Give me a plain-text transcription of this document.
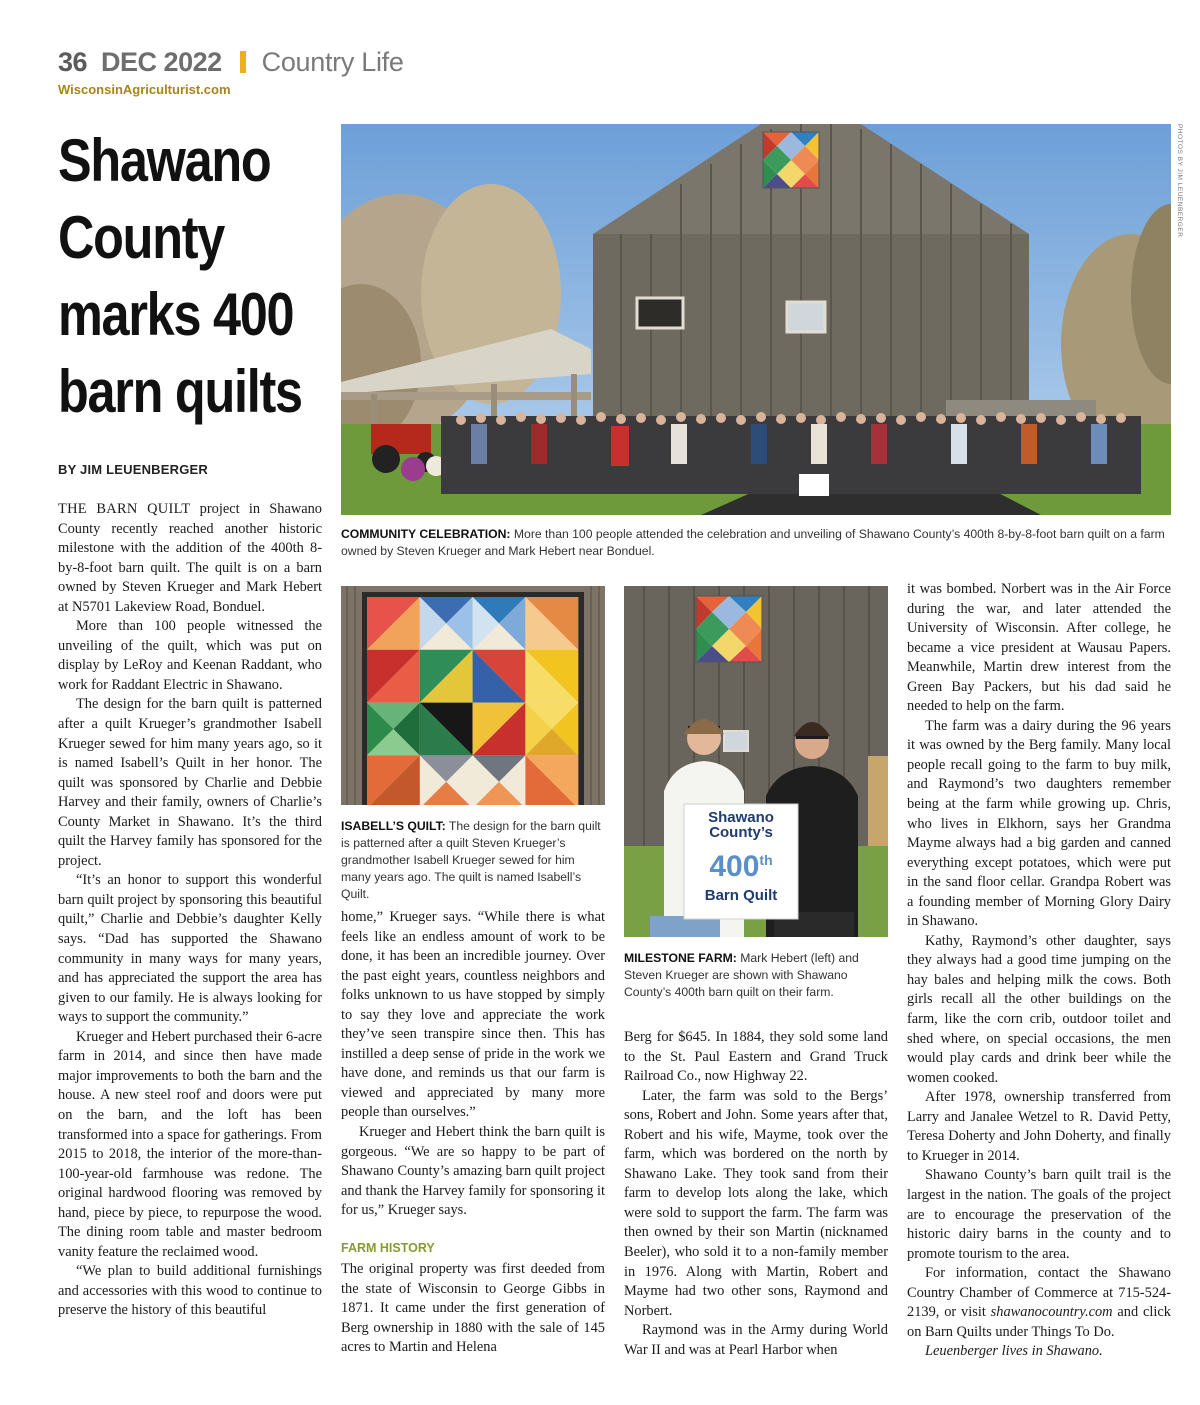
36 DEC 2022 Country Life
WisconsinAgriculturist.com
Shawano
County
marks 400
barn quilts
BY JIM LEUENBERGER

THE BARN QUILT project in Shawano County recently reached another historic milestone with the addition of the 400th 8-by-8-foot barn quilt. The quilt is on a barn owned by Steven Krueger and Mark Hebert at N5701 Lakeview Road, Bonduel.

More than 100 people witnessed the unveiling of the quilt, which was put on display by LeRoy and Keenan Raddant, who work for Raddant Electric in Shawano.

The design for the barn quilt is patterned after a quilt Krueger’s grandmother Isabell Krueger sewed for him many years ago, so it is named Isabell’s Quilt in her honor. The quilt was sponsored by Charlie and Debbie Harvey and their family, owners of Charlie’s County Market in Shawano. It’s the third quilt the Harvey family has sponsored for the project.

“It’s an honor to support this wonderful barn quilt project by sponsoring this beautiful quilt,” Charlie and Debbie’s daughter Kelly says. “Dad has supported the Shawano community in many ways for many years, and has appreciated the support the area has given to our family. He is always looking for ways to support the community.”

Krueger and Hebert purchased their 6-acre farm in 2014, and since then have made major improvements to both the barn and the house. A new steel roof and doors were put on the barn, and the loft has been transformed into a space for gatherings. From 2015 to 2018, the interior of the more-than-100-year-old farmhouse was redone. The original hardwood flooring was removed by hand, piece by piece, to repurpose the wood. The dining room table and master bedroom vanity feature the reclaimed wood.

“We plan to build additional furnishings and accessories with this wood to continue to preserve the history of this beautiful

PHOTOS BY JIM LEUENBERGER
COMMUNITY CELEBRATION: More than 100 people attended the celebration and unveiling of Shawano County’s 400th 8-by-8-foot barn quilt on a farm owned by Steven Krueger and Mark Hebert near Bonduel.
ISABELL’S QUILT: The design for the barn quilt is patterned after a quilt Steven Krueger’s grandmother Isabell Krueger sewed for him many years ago. The quilt is named Isabell’s Quilt.
Shawano
County’s
400th
Barn Quilt
MILESTONE FARM: Mark Hebert (left) and Steven Krueger are shown with Shawano County’s 400th barn quilt on their farm.

home,” Krueger says. “While there is what feels like an endless amount of work to be done, it has been an incredible journey. Over the past eight years, countless neighbors and folks unknown to us have stopped by simply to say they love and appreciate the work they’ve seen transpire since then. This has instilled a deep sense of pride in the work we have done, and reminds us that our farm is viewed and appreciated by many more people than ourselves.”

Krueger and Hebert think the barn quilt is gorgeous. “We are so happy to be part of Shawano County’s amazing barn quilt project and thank the Harvey family for sponsoring it for us,” Krueger says.

FARM HISTORY

The original property was first deeded from the state of Wisconsin to George Gibbs in 1871. It came under the first generation of Berg ownership in 1880 with the sale of 145 acres to Martin and Helena

Berg for $645. In 1884, they sold some land to the St. Paul Eastern and Grand Truck Railroad Co., now Highway 22.

Later, the farm was sold to the Bergs’ sons, Robert and John. Some years after that, Robert and his wife, Mayme, took over the farm, which was bordered on the north by Shawano Lake. They took sand from their farm to develop lots along the lake, which were sold to support the farm. The farm was then owned by their son Martin (nicknamed Beeler), who sold it to a non-family member in 1976. Along with Martin, Robert and Mayme had two other sons, Raymond and Norbert.

Raymond was in the Army during World War II and was at Pearl Harbor when

it was bombed. Norbert was in the Air Force during the war, and later attended the University of Wisconsin. After college, he became a vice president at Wausau Papers. Meanwhile, Martin drew interest from the Green Bay Packers, but his dad said he needed to help on the farm.

The farm was a dairy during the 96 years it was owned by the Berg family. Many local people recall going to the farm to buy milk, and Raymond’s two daughters remember being at the farm while growing up. Chris, who lives in Elkhorn, says her Grandma Mayme always had a big garden and canned everything except potatoes, which were put in the sand floor cellar. Grandpa Robert was a founding member of Morning Glory Dairy in Shawano.

Kathy, Raymond’s other daughter, says they always had a good time jumping on the hay bales and helping milk the cows. Both girls recall all the other buildings on the farm, like the corn crib, outdoor toilet and shed where, on special occasions, the men would play cards and drink beer while the women cooked.

After 1978, ownership transferred from Larry and Janalee Wetzel to R. David Petty, Teresa Doherty and John Doherty, and finally to Krueger in 2014.

Shawano County’s barn quilt trail is the largest in the nation. The goals of the project are to encourage the preservation of the historic dairy barns in the county and to promote tourism to the area.

For information, contact the Shawano Country Chamber of Commerce at 715-524-2139, or visit shawanocountry.com and click on Barn Quilts under Things To Do.

Leuenberger lives in Shawano.
